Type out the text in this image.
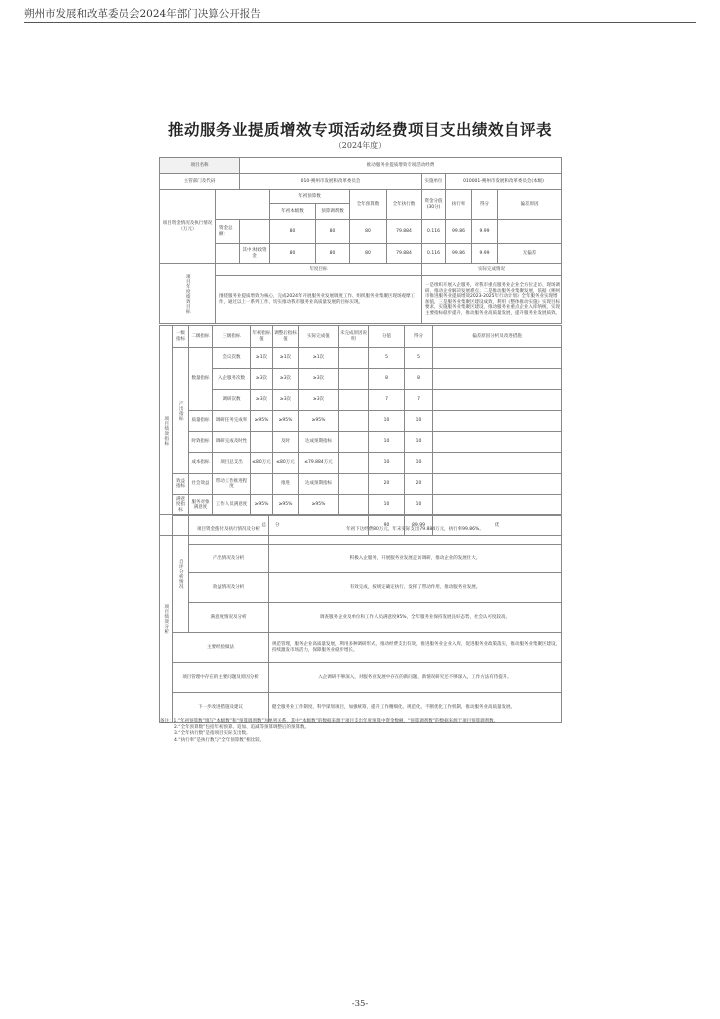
朔州市发展和改革委员会2024年部门决算公开报告
推动服务业提质增效专项活动经费项目支出绩效自评表
（2024年度）
项目名称		推动服务业提质增效专项活动经费								
主管部门及代码		010-朔州市发展和改革委员会					实施单位	010001-朔州市发展和改革委员会(本级)		
项目资金情况及执行情况（万元）			年初预算数		全年预算数	全年执行数	资金分值(30分)	执行率	得分	偏差原因
			年初本级数	预算调剂数						
	资金总额：		80	80	80	79.884	0.116	99.86	9.99	
		其中:财政资金	80	80	80	79.884	0.116	99.86	9.99	无偏差
项目年度绩效目标	年度目标						实际完成情况			
	围绕服务业提质增效为核心，完成2024年开展服务业发展调度工作、组织服务业集聚区现场观摩工作，通过以上一系列工作，切实推动我市服务业高质量发展的目标实现。						一是组织开展入企服务，对我市重点服务业企业全方位走访、现场调研，推动企业解决发展难点；二是推动服务业集聚发展，依据《朔州市推进服务业提质增效2023-2025年行动计划》全年服务业实现增加值，三是服务业集聚区建设成效，利用《整体推动实施》实现目标要求，实施服务业集聚区建设，推动服务业重点企业入库纳统，实现主要指标稳步提升，推动服务业高质量发展，提升服务业发展质效。			
项目绩效指标	一级指标	二级指标	三级指标	年初指标值	调整后指标值	实际完成值	未完成原因说明	分值	得分	偏差原因分析及改进措施
	产出指标	数量指标	会议次数	≥1次	≥1次	≥1次		5	5	
			入企服务次数	≥3次	≥3次	≥3次		8	8	
			调研次数	≥3次	≥3次	≥3次		7	7	
		质量指标	调研任务完成率	≥95%	≥95%	≥95%		10	10	
		时效指标	调研完成及时性		及时	达成预期指标		10	10	
		成本指标	项目总支出	≤80万元	≤80万元	≤79.884万元		10	10	
	效益指标	社会效益	带动工作推进程度		推进	达成预期指标		20	20	
	满意度指标	服务对象满意度	工作人员满意度	≥95%	≥95%	≥95%		10	10	
	总　　分							90	89.99	优
项目绩效分析	自评分析情况	项目资金拨付及执行情况及分析	年初下达经费80万元，年末实际支出79.884万元，执行率99.86%。
		产出情况及分析	积极入企服务，开展服务业发展走访调研，推动企业的发展壮大。
		效益情况及分析	有效完成，按规定确定执行，发挥了带动作用，推动服务业发展。
		满意度情况及分析	调查服务企业及单位和工作人员满意度95%，全年服务业保持发展良好态势，社会认可度较高。
	主要经验做法		规范管理，服务企业高质量发展，利用多种调研形式，推动经费支出有效，推进服务业企业入库，促进服务业政策落实，推动服务业集聚区建设，持续激发市场活力，保障服务业稳步增长。
	项目管理中存在的主要问题及原因分析		入企调研不够深入，对服务业发展中存在的新问题、新情况研究还不够深入，工作方法有待提升。
	下一步改进措施及建议		健全服务业工作制度，科学谋划项目，加强统筹，提升工作精细化、规范化，不断优化工作机制，推动服务业高质量发展。
备注：1.“年初预算数”填写“本级数”和“预算调剂数”为单列关系，其中“本级数”的数据来源于项目支出年度预算中资金数额，“预算调剂数”的数据来源于项目预算调剂数。
2.“全年预算数”包括年初预算、追加、追减等预算调整后的预算数。
3.“全年执行数”是指项目实际支出数。
4.“执行率”是执行数与“全年预算数”相比较。
-35-
